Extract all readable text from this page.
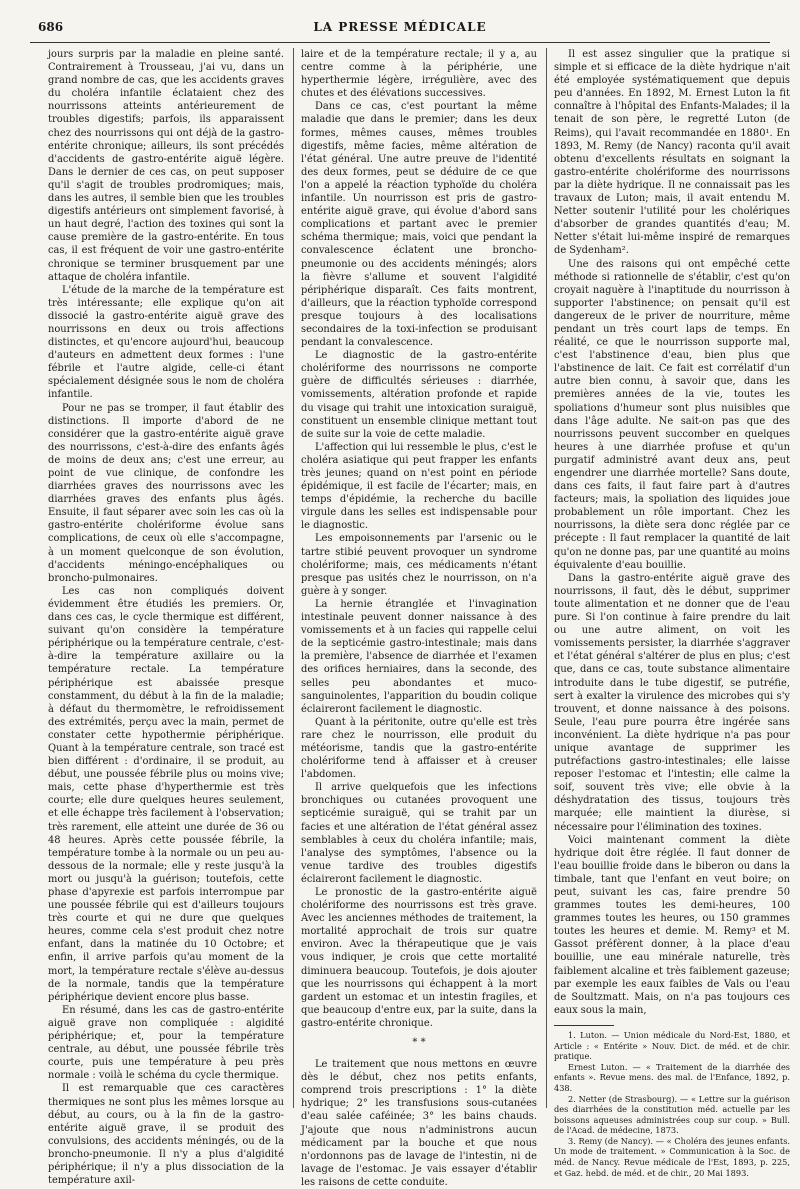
686	LA PRESSE MÉDICALE

jours surpris par la maladie en pleine santé. Contrairement à Trousseau, j'ai vu, dans un grand nombre de cas, que les accidents graves du choléra infantile éclataient chez des nourrissons atteints antérieurement de troubles digestifs; parfois, ils apparaissent chez des nourrissons qui ont déjà de la gastro-entérite chronique; ailleurs, ils sont précédés d'accidents de gastro-entérite aiguë légère. Dans le dernier de ces cas, on peut supposer qu'il s'agit de troubles prodromiques; mais, dans les autres, il semble bien que les troubles digestifs antérieurs ont simplement favorisé, à un haut degré, l'action des toxines qui sont la cause première de la gastro-entérite. En tous cas, il est fréquent de voir une gastro-entérite chronique se terminer brusquement par une attaque de choléra infantile.

L'étude de la marche de la température est très intéressante; elle explique qu'on ait dissocié la gastro-entérite aiguë grave des nourrissons en deux ou trois affections distinctes, et qu'encore aujourd'hui, beaucoup d'auteurs en admettent deux formes : l'une fébrile et l'autre algide, celle-ci étant spécialement désignée sous le nom de choléra infantile.

Pour ne pas se tromper, il faut établir des distinctions. Il importe d'abord de ne considérer que la gastro-entérite aiguë grave des nourrissons, c'est-à-dire des enfants âgés de moins de deux ans; c'est une erreur, au point de vue clinique, de confondre les diarrhées graves des nourrissons avec les diarrhées graves des enfants plus âgés. Ensuite, il faut séparer avec soin les cas où la gastro-entérite cholériforme évolue sans complications, de ceux où elle s'accompagne, à un moment quelconque de son évolution, d'accidents méningo-encéphaliques ou broncho-pulmonaires.

Les cas non compliqués doivent évidemment être étudiés les premiers. Or, dans ces cas, le cycle thermique est différent, suivant qu'on considère la température périphérique ou la température centrale, c'est-à-dire la température axillaire ou la température rectale. La température périphérique est abaissée presque constamment, du début à la fin de la maladie; à défaut du thermomètre, le refroidissement des extrémités, perçu avec la main, permet de constater cette hypothermie périphérique. Quant à la température centrale, son tracé est bien différent : d'ordinaire, il se produit, au début, une poussée fébrile plus ou moins vive; mais, cette phase d'hyperthermie est très courte; elle dure quelques heures seulement, et elle échappe très facilement à l'observation; très rarement, elle atteint une durée de 36 ou 48 heures. Après cette poussée fébrile, la température tombe à la normale ou un peu au-dessous de la normale; elle y reste jusqu'à la mort ou jusqu'à la guérison; toutefois, cette phase d'apyrexie est parfois interrompue par une poussée fébrile qui est d'ailleurs toujours très courte et qui ne dure que quelques heures, comme cela s'est produit chez notre enfant, dans la matinée du 10 Octobre; et enfin, il arrive parfois qu'au moment de la mort, la température rectale s'élève au-dessus de la normale, tandis que la température périphérique devient encore plus basse.

En résumé, dans les cas de gastro-entérite aiguë grave non compliquée : algidité périphérique; et, pour la température centrale, au début, une poussée fébrile très courte, puis une température à peu près normale : voilà le schéma du cycle thermique.

Il est remarquable que ces caractères thermiques ne sont plus les mêmes lorsque au début, au cours, ou à la fin de la gastro-entérite aiguë grave, il se produit des convulsions, des accidents méningés, ou de la broncho-pneumonie. Il n'y a plus d'algidité périphérique; il n'y a plus dissociation de la température axil-

laire et de la température rectale; il y a, au centre comme à la périphérie, une hyperthermie légère, irrégulière, avec des chutes et des élévations successives.

Dans ce cas, c'est pourtant la même maladie que dans le premier; dans les deux formes, mêmes causes, mêmes troubles digestifs, même facies, même altération de l'état général. Une autre preuve de l'identité des deux formes, peut se déduire de ce que l'on a appelé la réaction typhoïde du choléra infantile. Un nourrisson est pris de gastro-entérite aiguë grave, qui évolue d'abord sans complications et partant avec le premier schéma thermique; mais, voici que pendant la convalescence éclatent une broncho-pneumonie ou des accidents méningés; alors la fièvre s'allume et souvent l'algidité périphérique disparaît. Ces faits montrent, d'ailleurs, que la réaction typhoïde correspond presque toujours à des localisations secondaires de la toxi-infection se produisant pendant la convalescence.

Le diagnostic de la gastro-entérite cholériforme des nourrissons ne comporte guère de difficultés sérieuses : diarrhée, vomissements, altération profonde et rapide du visage qui trahit une intoxication suraiguë, constituent un ensemble clinique mettant tout de suite sur la voie de cette maladie.

L'affection qui lui ressemble le plus, c'est le choléra asiatique qui peut frapper les enfants très jeunes; quand on n'est point en période épidémique, il est facile de l'écarter; mais, en temps d'épidémie, la recherche du bacille virgule dans les selles est indispensable pour le diagnostic.

Les empoisonnements par l'arsenic ou le tartre stibié peuvent provoquer un syndrome cholériforme; mais, ces médicaments n'étant presque pas usités chez le nourrisson, on n'a guère à y songer.

La hernie étranglée et l'invagination intestinale peuvent donner naissance à des vomissements et à un facies qui rappelle celui de la septicémie gastro-intestinale; mais dans la première, l'absence de diarrhée et l'examen des orifices herniaires, dans la seconde, des selles peu abondantes et muco-sanguinolentes, l'apparition du boudin colique éclaireront facilement le diagnostic.

Quant à la péritonite, outre qu'elle est très rare chez le nourrisson, elle produit du météorisme, tandis que la gastro-entérite cholériforme tend à affaisser et à creuser l'abdomen.

Il arrive quelquefois que les infections bronchiques ou cutanées provoquent une septicémie suraiguë, qui se trahit par un facies et une altération de l'état général assez semblables à ceux du choléra infantile; mais, l'analyse des symptômes, l'absence ou la venue tardive des troubles digestifs éclaireront facilement le diagnostic.

Le pronostic de la gastro-entérite aiguë cholériforme des nourrissons est très grave. Avec les anciennes méthodes de traitement, la mortalité approchait de trois sur quatre environ. Avec la thérapeutique que je vais vous indiquer, je crois que cette mortalité diminuera beaucoup. Toutefois, je dois ajouter que les nourrissons qui échappent à la mort gardent un estomac et un intestin fragiles, et que beaucoup d'entre eux, par la suite, dans la gastro-entérite chronique.

* *

Le traitement que nous mettons en œuvre dès le début, chez nos petits enfants, comprend trois prescriptions : 1° la diète hydrique; 2° les transfusions sous-cutanées d'eau salée caféinée; 3° les bains chauds. J'ajoute que nous n'administrons aucun médicament par la bouche et que nous n'ordonnons pas de lavage de l'intestin, ni de lavage de l'estomac. Je vais essayer d'établir les raisons de cette conduite.

Il est assez singulier que la pratique si simple et si efficace de la diète hydrique n'ait été employée systématiquement que depuis peu d'années. En 1892, M. Ernest Luton la fit connaître à l'hôpital des Enfants-Malades; il la tenait de son père, le regretté Luton (de Reims), qui l'avait recommandée en 1880¹. En 1893, M. Remy (de Nancy) raconta qu'il avait obtenu d'excellents résultats en soignant la gastro-entérite cholériforme des nourrissons par la diète hydrique. Il ne connaissait pas les travaux de Luton; mais, il avait entendu M. Netter soutenir l'utilité pour les cholériques d'absorber de grandes quantités d'eau; M. Netter s'était lui-même inspiré de remarques de Sydenham².

Une des raisons qui ont empêché cette méthode si rationnelle de s'établir, c'est qu'on croyait naguère à l'inaptitude du nourrisson à supporter l'abstinence; on pensait qu'il est dangereux de le priver de nourriture, même pendant un très court laps de temps. En réalité, ce que le nourrisson supporte mal, c'est l'abstinence d'eau, bien plus que l'abstinence de lait. Ce fait est corrélatif d'un autre bien connu, à savoir que, dans les premières années de la vie, toutes les spoliations d'humeur sont plus nuisibles que dans l'âge adulte. Ne sait-on pas que des nourrissons peuvent succomber en quelques heures à une diarrhée profuse et qu'un purgatif administré avant deux ans, peut engendrer une diarrhée mortelle? Sans doute, dans ces faits, il faut faire part à d'autres facteurs; mais, la spoliation des liquides joue probablement un rôle important. Chez les nourrissons, la diète sera donc réglée par ce précepte : Il faut remplacer la quantité de lait qu'on ne donne pas, par une quantité au moins équivalente d'eau bouillie.

Dans la gastro-entérite aiguë grave des nourrissons, il faut, dès le début, supprimer toute alimentation et ne donner que de l'eau pure. Si l'on continue à faire prendre du lait ou une autre aliment, on voit les vomissements persister, la diarrhée s'aggraver et l'état général s'altérer de plus en plus; c'est que, dans ce cas, toute substance alimentaire introduite dans le tube digestif, se putréfie, sert à exalter la virulence des microbes qui s'y trouvent, et donne naissance à des poisons. Seule, l'eau pure pourra être ingérée sans inconvénient. La diète hydrique n'a pas pour unique avantage de supprimer les putréfactions gastro-intestinales; elle laisse reposer l'estomac et l'intestin; elle calme la soif, souvent très vive; elle obvie à la déshydratation des tissus, toujours très marquée; elle maintient la diurèse, si nécessaire pour l'élimination des toxines.

Voici maintenant comment la diète hydrique doit être réglée. Il faut donner de l'eau bouillie froide dans le biberon ou dans la timbale, tant que l'enfant en veut boire; on peut, suivant les cas, faire prendre 50 grammes toutes les demi-heures, 100 grammes toutes les heures, ou 150 grammes toutes les heures et demie. M. Remy³ et M. Gassot préfèrent donner, à la place d'eau bouillie, une eau minérale naturelle, très faiblement alcaline et très faiblement gazeuse; par exemple les eaux faibles de Vals ou l'eau de Soultzmatt. Mais, on n'a pas toujours ces eaux sous la main,

1. Luton. — Union médicale du Nord-Est, 1880, et Article : « Entérite » Nouv. Dict. de méd. et de chir. pratique.

Ernest Luton. — « Traitement de la diarrhée des enfants ». Revue mens. des mal. de l'Enfance, 1892, p. 438.

2. Netter (de Strasbourg). — « Lettre sur la guérison des diarrhées de la constitution méd. actuelle par les boissons aqueuses administrées coup sur coup. » Bull. de l'Acad. de médecine, 1873.

3. Remy (de Nancy). — « Choléra des jeunes enfants. Un mode de traitement. » Communication à la Soc. de méd. de Nancy. Revue médicale de l'Est, 1893, p. 225, et Gaz. hebd. de méd. et de chir., 20 Mai 1893.
